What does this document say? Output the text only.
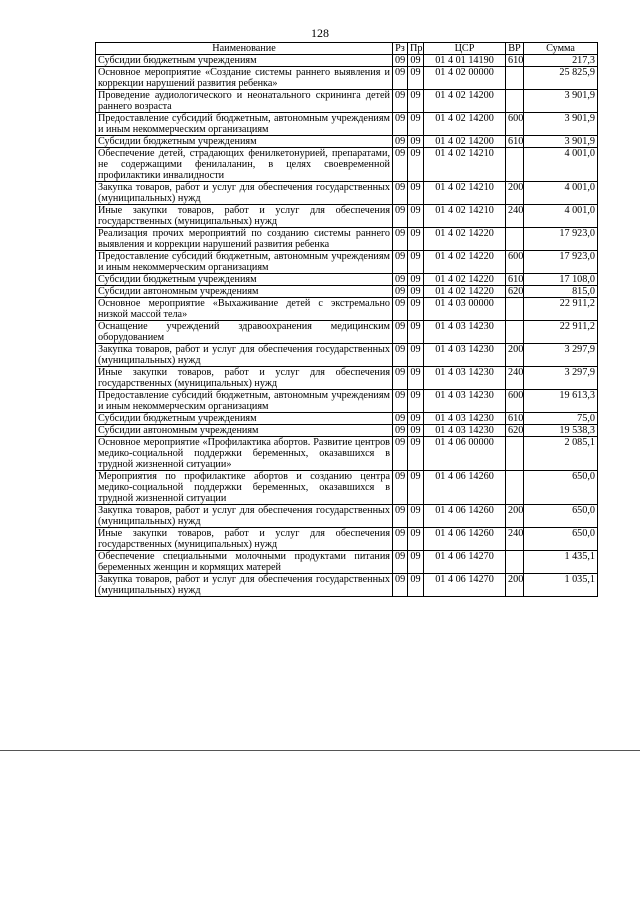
128
Наименование	Рз	Пр	ЦСР	ВР	Сумма
Субсидии бюджетным учреждениям	09	09	01 4 01 14190	610	217,3
Основное мероприятие «Создание системы раннего выявления и коррекции нарушений развития ребенка»	09	09	01 4 02 00000		25 825,9
Проведение аудиологического и неонатального скрининга детей раннего возраста	09	09	01 4 02 14200		3 901,9
Предоставление субсидий бюджетным, автономным учреждениям и иным некоммерческим организациям	09	09	01 4 02 14200	600	3 901,9
Субсидии бюджетным учреждениям	09	09	01 4 02 14200	610	3 901,9
Обеспечение детей, страдающих фенилкетонурией, препаратами, не содержащими фенилаланин, в целях своевременной профилактики инвалидности	09	09	01 4 02 14210		4 001,0
Закупка товаров, работ и услуг для обеспечения государственных (муниципальных) нужд	09	09	01 4 02 14210	200	4 001,0
Иные закупки товаров, работ и услуг для обеспечения государственных (муниципальных) нужд	09	09	01 4 02 14210	240	4 001,0
Реализация прочих мероприятий по созданию системы раннего выявления и коррекции нарушений развития ребенка	09	09	01 4 02 14220		17 923,0
Предоставление субсидий бюджетным, автономным учреждениям и иным некоммерческим организациям	09	09	01 4 02 14220	600	17 923,0
Субсидии бюджетным учреждениям	09	09	01 4 02 14220	610	17 108,0
Субсидии автономным учреждениям	09	09	01 4 02 14220	620	815,0
Основное мероприятие «Выхаживание детей с экстремально низкой массой тела»	09	09	01 4 03 00000		22 911,2
Оснащение учреждений здравоохранения медицинским оборудованием	09	09	01 4 03 14230		22 911,2
Закупка товаров, работ и услуг для обеспечения государственных (муниципальных) нужд	09	09	01 4 03 14230	200	3 297,9
Иные закупки товаров, работ и услуг для обеспечения государственных (муниципальных) нужд	09	09	01 4 03 14230	240	3 297,9
Предоставление субсидий бюджетным, автономным учреждениям и иным некоммерческим организациям	09	09	01 4 03 14230	600	19 613,3
Субсидии бюджетным учреждениям	09	09	01 4 03 14230	610	75,0
Субсидии автономным учреждениям	09	09	01 4 03 14230	620	19 538,3
Основное мероприятие «Профилактика абортов. Развитие центров медико-социальной поддержки беременных, оказавшихся в трудной жизненной ситуации»	09	09	01 4 06 00000		2 085,1
Мероприятия по профилактике абортов и созданию центра медико-социальной поддержки беременных, оказавшихся в трудной жизненной ситуации	09	09	01 4 06 14260		650,0
Закупка товаров, работ и услуг для обеспечения государственных (муниципальных) нужд	09	09	01 4 06 14260	200	650,0
Иные закупки товаров, работ и услуг для обеспечения государственных (муниципальных) нужд	09	09	01 4 06 14260	240	650,0
Обеспечение специальными молочными продуктами питания беременных женщин и кормящих матерей	09	09	01 4 06 14270		1 435,1
Закупка товаров, работ и услуг для обеспечения государственных (муниципальных) нужд	09	09	01 4 06 14270	200	1 035,1
